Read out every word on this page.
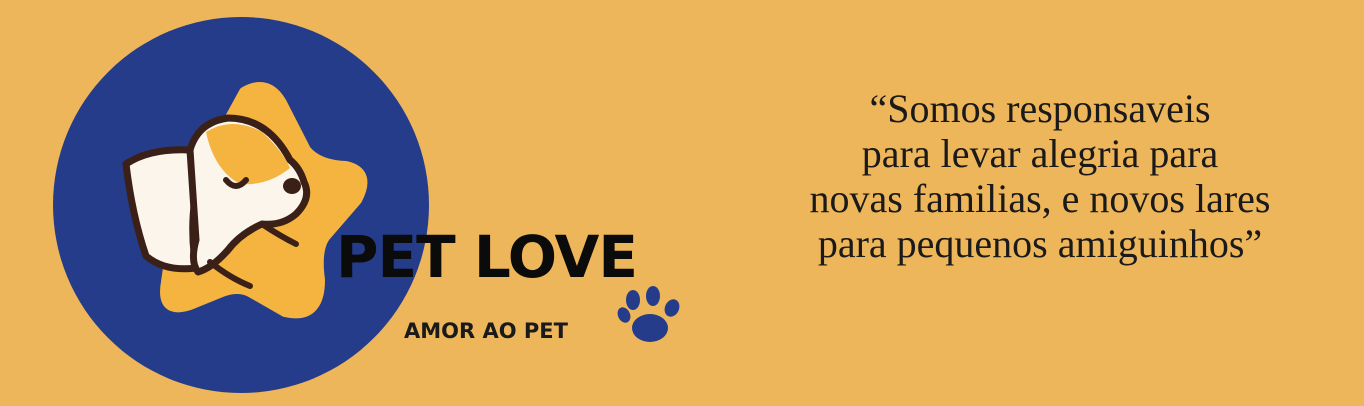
PET LOVE
AMOR AO PET
“Somos responsaveis
para levar alegria para
novas familias, e novos lares
para pequenos amiguinhos”
